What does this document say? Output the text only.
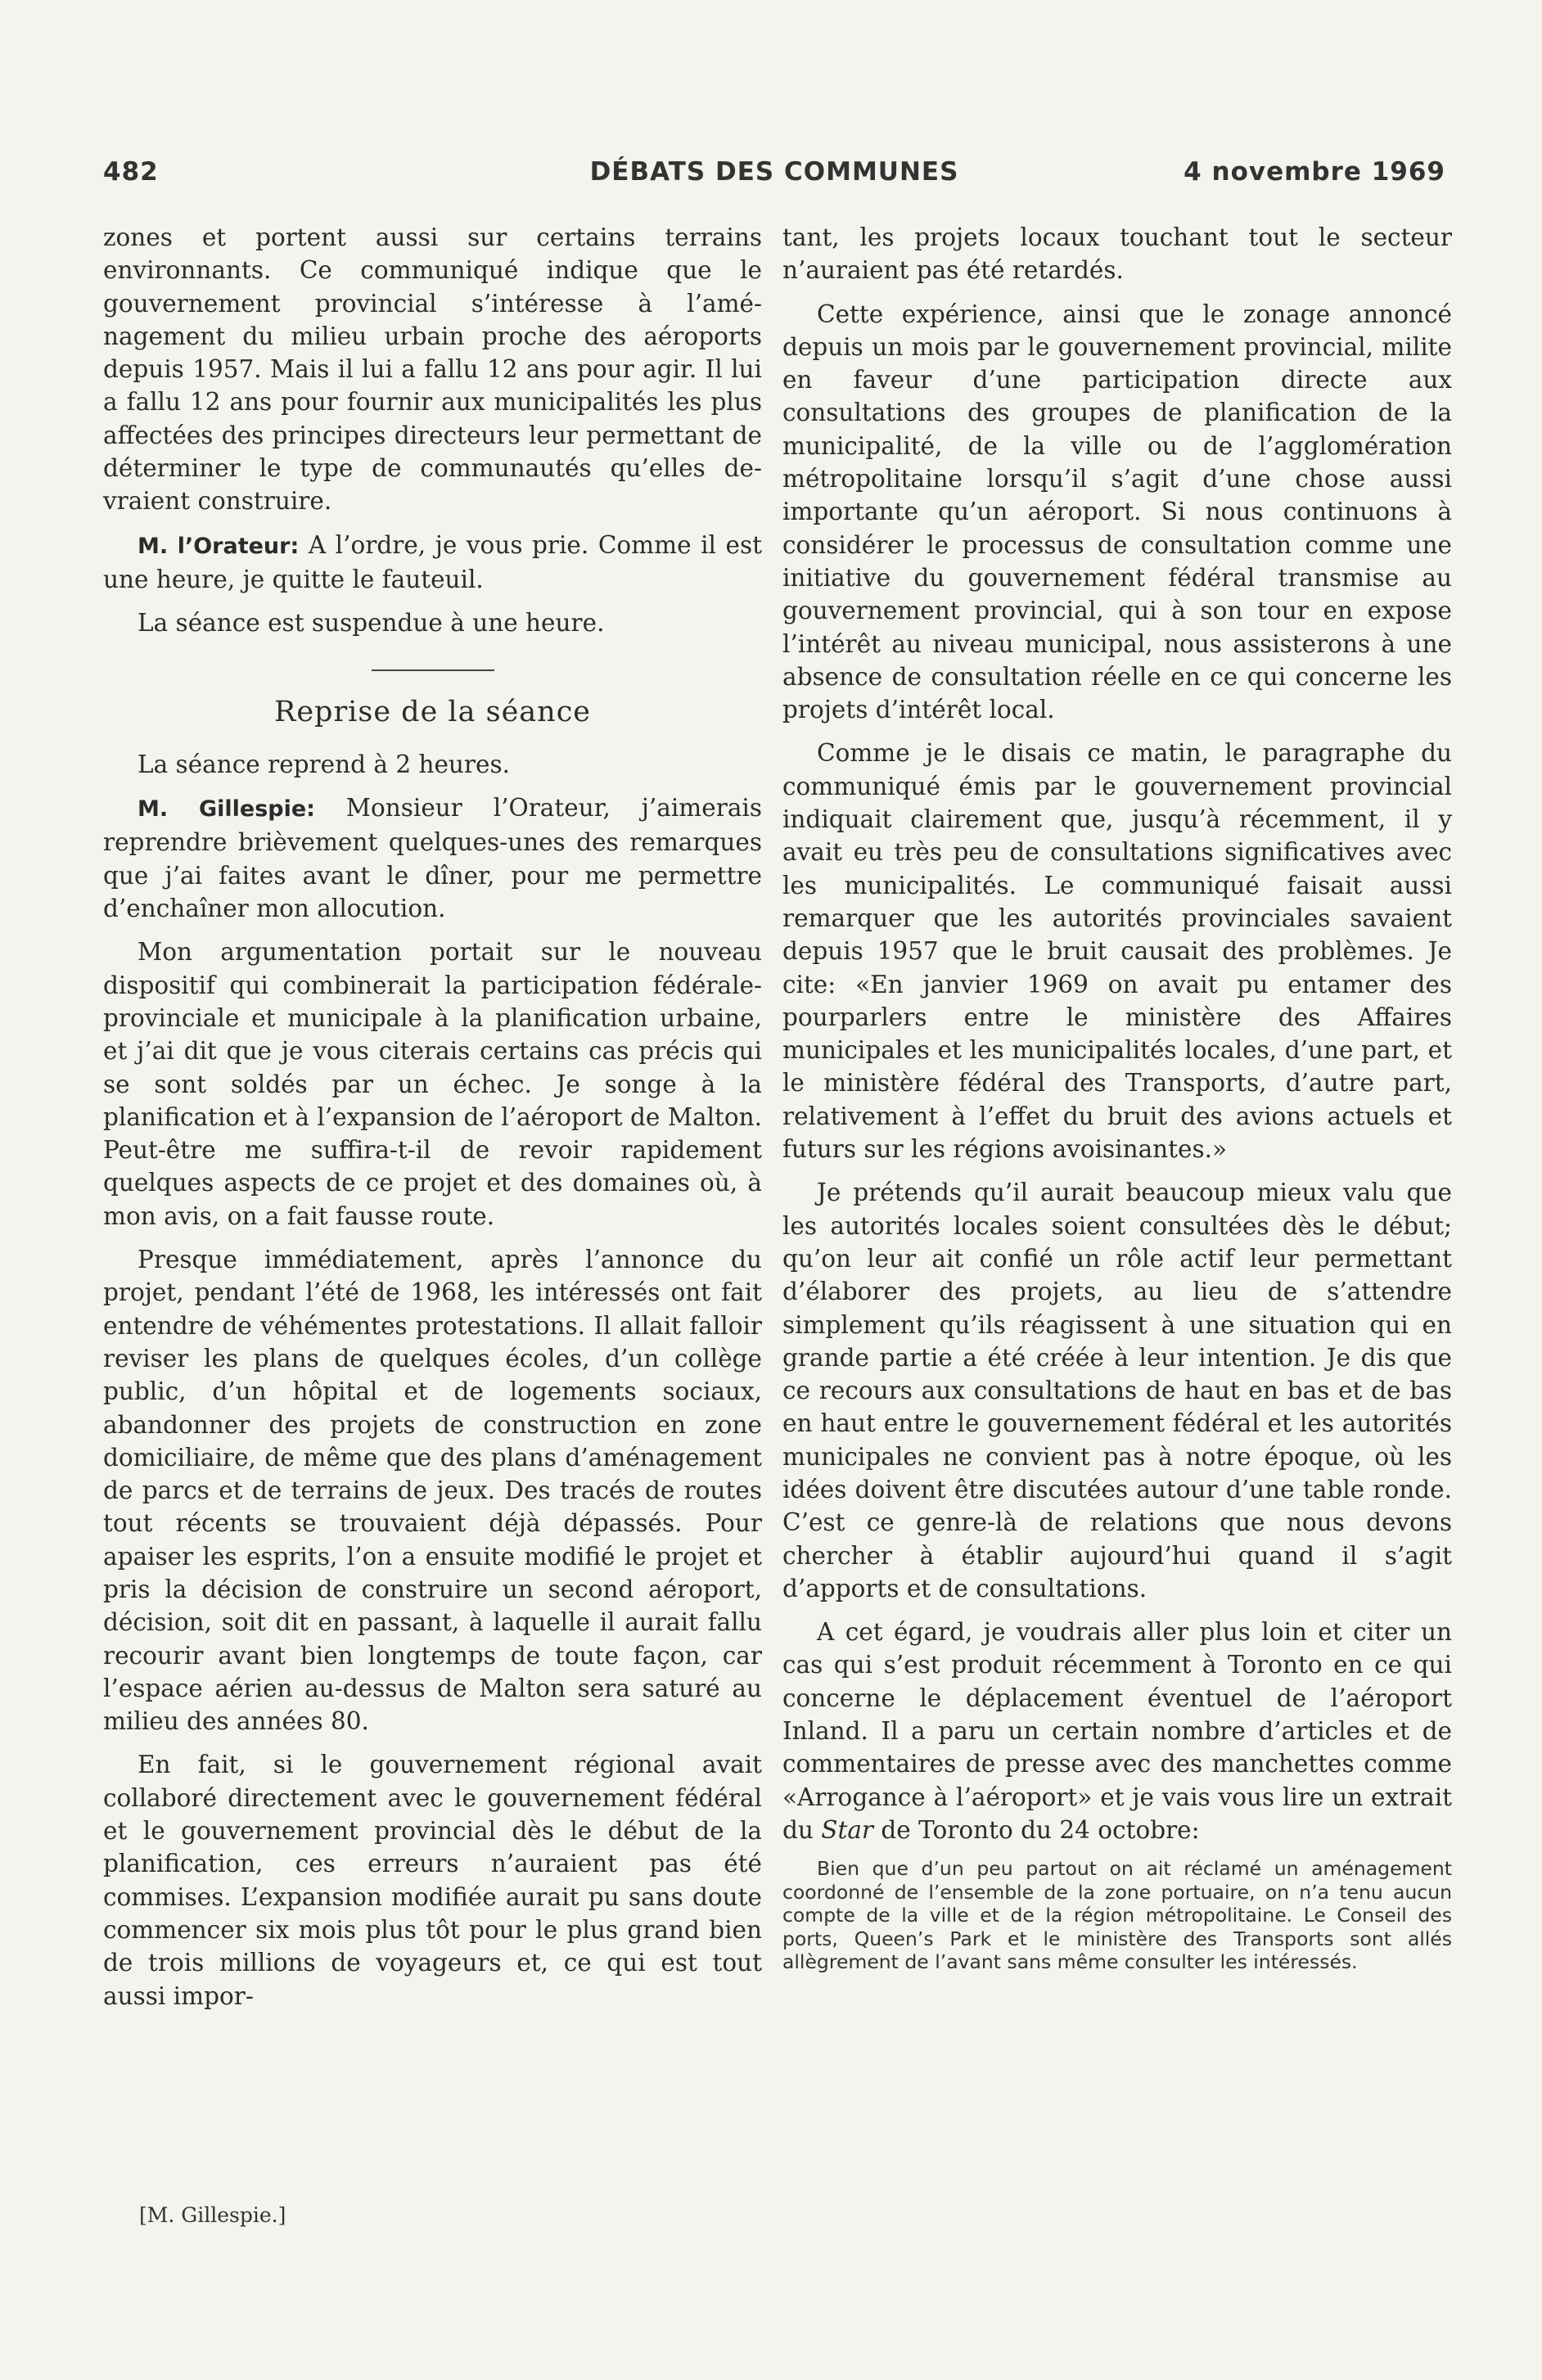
482	DÉBATS DES COMMUNES	4 novembre 1969

zones et portent aussi sur certains terrains environnants. Ce communiqué indique que le gouvernement provincial s’intéresse à l’aménagement du milieu urbain proche des aéroports depuis 1957. Mais il lui a fallu 12 ans pour agir. Il lui a fallu 12 ans pour fournir aux municipalités les plus affectées des principes directeurs leur permettant de déterminer le type de communautés qu’elles devraient construire.

M. l’Orateur: A l’ordre, je vous prie. Comme il est une heure, je quitte le fauteuil.

La séance est suspendue à une heure.

Reprise de la séance

La séance reprend à 2 heures.

M. Gillespie: Monsieur l’Orateur, j’aimerais reprendre brièvement quelques-unes des remarques que j’ai faites avant le dîner, pour me permettre d’enchaîner mon allocution.

Mon argumentation portait sur le nouveau dispositif qui combinerait la participation fédérale-provinciale et municipale à la planification urbaine, et j’ai dit que je vous citerais certains cas précis qui se sont soldés par un échec. Je songe à la planification et à l’expansion de l’aéroport de Malton. Peut-être me suffira-t-il de revoir rapidement quelques aspects de ce projet et des domaines où, à mon avis, on a fait fausse route.

Presque immédiatement, après l’annonce du projet, pendant l’été de 1968, les intéressés ont fait entendre de véhémentes protestations. Il allait falloir reviser les plans de quelques écoles, d’un collège public, d’un hôpital et de logements sociaux, abandonner des projets de construction en zone domiciliaire, de même que des plans d’aménagement de parcs et de terrains de jeux. Des tracés de routes tout récents se trouvaient déjà dépassés. Pour apaiser les esprits, l’on a ensuite modifié le projet et pris la décision de construire un second aéroport, décision, soit dit en passant, à laquelle il aurait fallu recourir avant bien longtemps de toute façon, car l’espace aérien au-dessus de Malton sera saturé au milieu des années 80.

En fait, si le gouvernement régional avait collaboré directement avec le gouvernement fédéral et le gouvernement provincial dès le début de la planification, ces erreurs n’auraient pas été commises. L’expansion modifiée aurait pu sans doute commencer six mois plus tôt pour le plus grand bien de trois millions de voyageurs et, ce qui est tout aussi impor-

tant, les projets locaux touchant tout le secteur n’auraient pas été retardés.

Cette expérience, ainsi que le zonage annoncé depuis un mois par le gouvernement provincial, milite en faveur d’une participation directe aux consultations des groupes de planification de la municipalité, de la ville ou de l’agglomération métropolitaine lorsqu’il s’agit d’une chose aussi importante qu’un aéroport. Si nous continuons à considérer le processus de consultation comme une initiative du gouvernement fédéral transmise au gouvernement provincial, qui à son tour en expose l’intérêt au niveau municipal, nous assisterons à une absence de consultation réelle en ce qui concerne les projets d’intérêt local.

Comme je le disais ce matin, le paragraphe du communiqué émis par le gouvernement provincial indiquait clairement que, jusqu’à récemment, il y avait eu très peu de consultations significatives avec les municipalités. Le communiqué faisait aussi remarquer que les autorités provinciales savaient depuis 1957 que le bruit causait des problèmes. Je cite: «En janvier 1969 on avait pu entamer des pourparlers entre le ministère des Affaires municipales et les municipalités locales, d’une part, et le ministère fédéral des Transports, d’autre part, relativement à l’effet du bruit des avions actuels et futurs sur les régions avoisinantes.»

Je prétends qu’il aurait beaucoup mieux valu que les autorités locales soient consultées dès le début; qu’on leur ait confié un rôle actif leur permettant d’élaborer des projets, au lieu de s’attendre simplement qu’ils réagissent à une situation qui en grande partie a été créée à leur intention. Je dis que ce recours aux consultations de haut en bas et de bas en haut entre le gouvernement fédéral et les autorités municipales ne convient pas à notre époque, où les idées doivent être discutées autour d’une table ronde. C’est ce genre-là de relations que nous devons chercher à établir aujourd’hui quand il s’agit d’apports et de consultations.

A cet égard, je voudrais aller plus loin et citer un cas qui s’est produit récemment à Toronto en ce qui concerne le déplacement éventuel de l’aéroport Inland. Il a paru un certain nombre d’articles et de commentaires de presse avec des manchettes comme «Arrogance à l’aéroport» et je vais vous lire un extrait du Star de Toronto du 24 octobre:

Bien que d’un peu partout on ait réclamé un aménagement coordonné de l’ensemble de la zone portuaire, on n’a tenu aucun compte de la ville et de la région métropolitaine. Le Conseil des ports, Queen’s Park et le ministère des Transports sont allés allègrement de l’avant sans même consulter les intéressés.

[M. Gillespie.]
